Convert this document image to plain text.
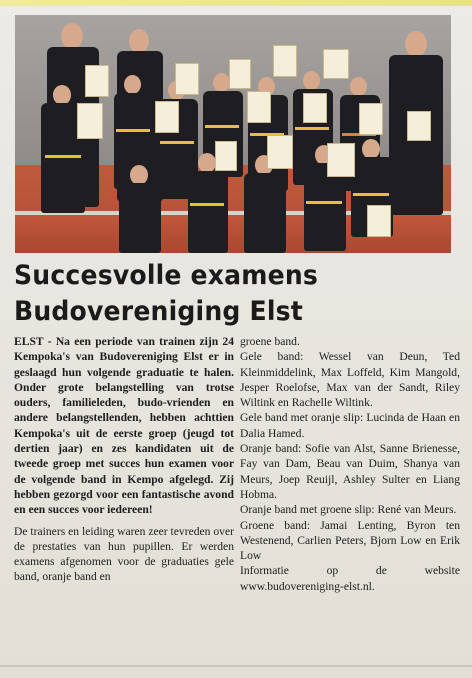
Succesvolle examens
Budovereniging Elst

ELST - Na een periode van trainen zijn 24 Kempoka's van Budovereniging Elst er in geslaagd hun volgende graduatie te halen. Onder grote belangstelling van trotse ouders, familieleden, budo-vrienden en andere belangstellenden, hebben achttien Kempoka's uit de eerste groep (jeugd tot dertien jaar) en zes kandidaten uit de tweede groep met succes hun examen voor de volgende band in Kempo afgelegd. Zij hebben gezorgd voor een fantastische avond en een succes voor iedereen!

De trainers en leiding waren zeer tevreden over de prestaties van hun pupillen. Er werden examens afgenomen voor de graduaties gele band, oranje band en

groene band.

Gele band: Wessel van Deun, Ted Kleinmiddelink, Max Loffeld, Kim Mangold, Jesper Roelofse, Max van der Sandt, Riley Wiltink en Rachelle Wiltink.

Gele band met oranje slip: Lucinda de Haan en Dalia Hamed.

Oranje band: Sofie van Alst, Sanne Brienesse, Fay van Dam, Beau van Duim, Shanya van Meurs, Joep Reuijl, Ashley Sulter en Liang Hobma.

Oranje band met groene slip: René van Meurs.

Groene band: Jamai Lenting, Byron ten Westenend, Carlien Peters, Bjorn Low en Erik Low

Informatie op de website www.budovereniging-elst.nl.
